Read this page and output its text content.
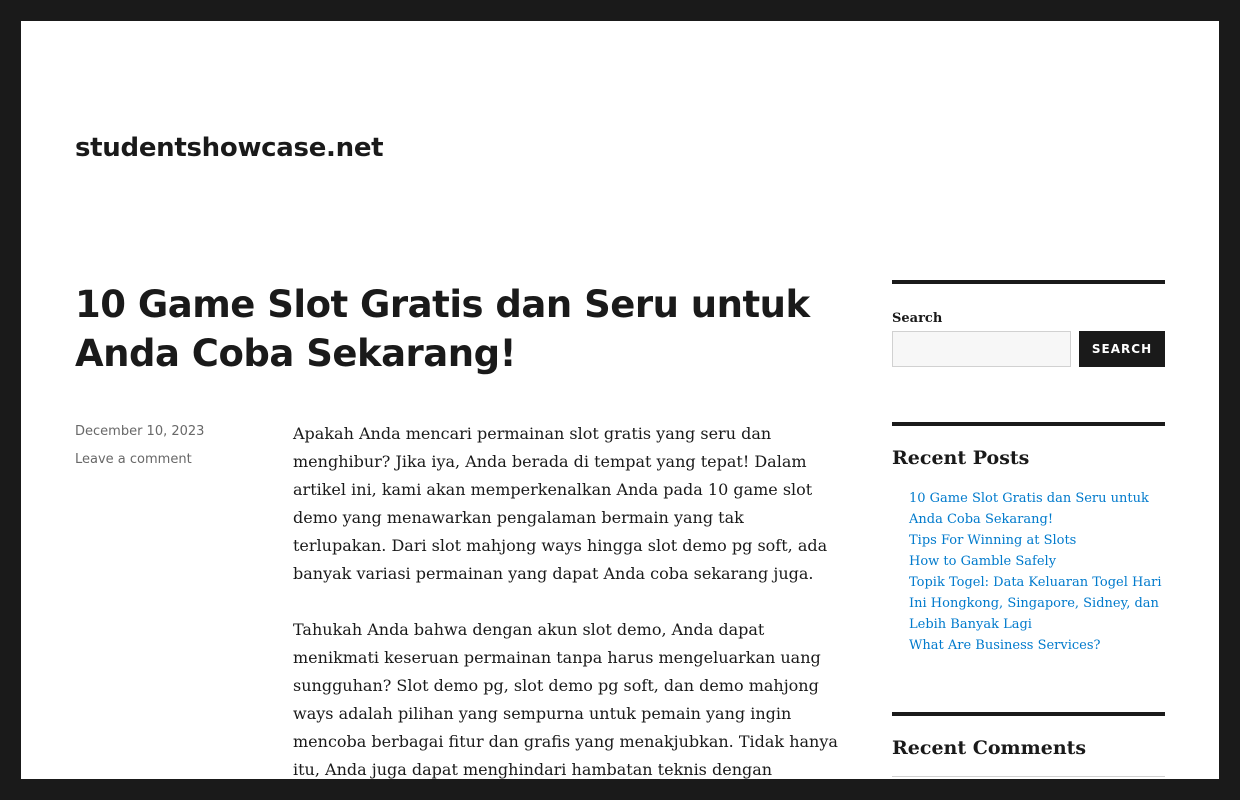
studentshowcase.net
10 Game Slot Gratis dan Seru untuk Anda Coba Sekarang!
December 10, 2023
Leave a comment

Apakah Anda mencari permainan slot gratis yang seru dan menghibur? Jika iya, Anda berada di tempat yang tepat! Dalam artikel ini, kami akan memperkenalkan Anda pada 10 game slot demo yang menawarkan pengalaman bermain yang tak terlupakan. Dari slot mahjong ways hingga slot demo pg soft, ada banyak variasi permainan yang dapat Anda coba sekarang juga.

Tahukah Anda bahwa dengan akun slot demo, Anda dapat menikmati keseruan permainan tanpa harus mengeluarkan uang sungguhan? Slot demo pg, slot demo pg soft, dan demo mahjong ways adalah pilihan yang sempurna untuk pemain yang ingin mencoba berbagai fitur dan grafis yang menakjubkan. Tidak hanya itu, Anda juga dapat menghindari hambatan teknis dengan

Search
SEARCH
Recent Posts
10 Game Slot Gratis dan Seru untuk Anda Coba Sekarang!
Tips For Winning at Slots
How to Gamble Safely
Topik Togel: Data Keluaran Togel Hari Ini Hongkong, Singapore, Sidney, dan Lebih Banyak Lagi
What Are Business Services?
Recent Comments
